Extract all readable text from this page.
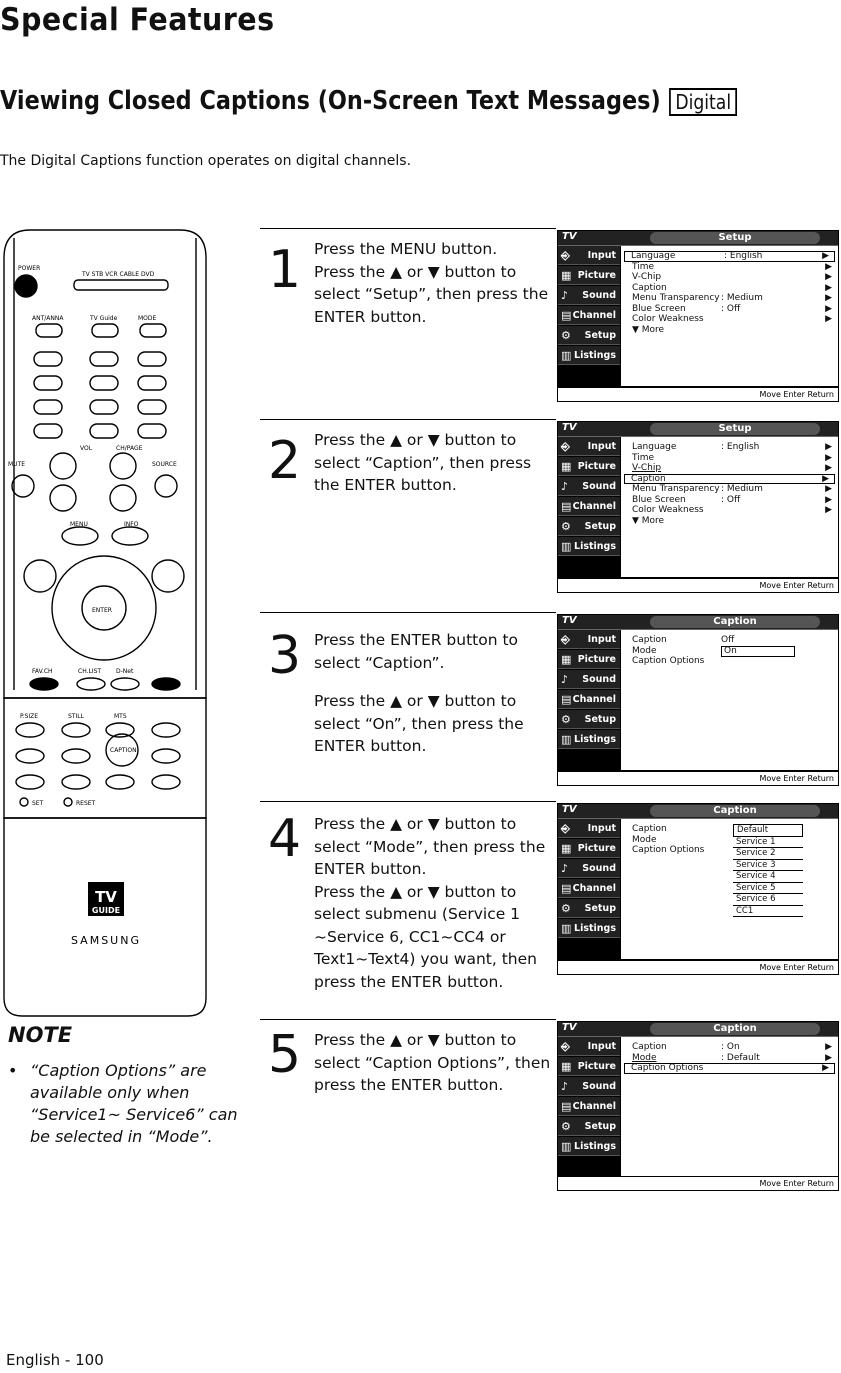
Special Features
Viewing Closed Captions (On-Screen Text Messages) Digital
The Digital Captions function operates on digital channels.
POWER
TV STB VCR CABLE DVD
ANT/ANNA	TV Guide	MODE
VOL	CH/PAGE
MUTE	SOURCE
MENU	INFO
ENTER
FAV.CH	CH.LIST D-Net
P.SIZE	STILL	MTS
CAPTION
SET	RESET
TV
GUIDE
SAMSUNG
1 Press the MENU button.
Press the ▲ or ▼ button to select “Setup”, then press the ENTER button.

TV	Setup
⎆ Input
▦ Picture
♪ Sound
▤ Channel
⚙ Setup
▥ Listings
Language	: English	▶
Time	▶
V-Chip	▶
Caption	▶
Menu Transparency : Medium	▶
Blue Screen	: Off	▶
Color Weakness	▶
▼ More
Move Enter Return
2 Press the ▲ or ▼ button to select “Caption”, then press the ENTER button.

TV	Setup
⎆ Input
▦ Picture
♪ Sound
▤ Channel
⚙ Setup
▥ Listings
Language	: English	▶
Time	▶
V-Chip	▶
Caption	▶
Menu Transparency : Medium	▶
Blue Screen	: Off	▶
Color Weakness	▶
▼ More
Move Enter Return
3 Press the ENTER button to select “Caption”.

Press the ▲ or ▼ button to select “On”, then press the ENTER button.

TV	Caption
⎆ Input
▦ Picture
♪ Sound
▤ Channel
⚙ Setup
▥ Listings
Caption	Off
Mode	On
Caption Options
Move Enter Return
4 Press the ▲ or ▼ button to select “Mode”, then press the ENTER button.
Press the ▲ or ▼ button to select submenu (Service 1 ~Service 6, CC1~CC4 or Text1~Text4) you want, then press the ENTER button.

TV	Caption
⎆ Input
▦ Picture
♪ Sound
▤ Channel
⚙ Setup
▥ Listings
Caption
Mode
Caption Options
Default
Service 1
Service 2
Service 3
Service 4
Service 5
Service 6
CC1
Move Enter Return
5 Press the ▲ or ▼ button to select “Caption Options”, then press the ENTER button.

TV	Caption
⎆ Input
▦ Picture
♪ Sound
▤ Channel
⚙ Setup
▥ Listings
Caption	: On	▶
Mode	: Default	▶
Caption Options	▶
Move Enter Return
NOTE
• “Caption Options” are available only when “Service1~ Service6” can be selected in “Mode”.
English - 100
